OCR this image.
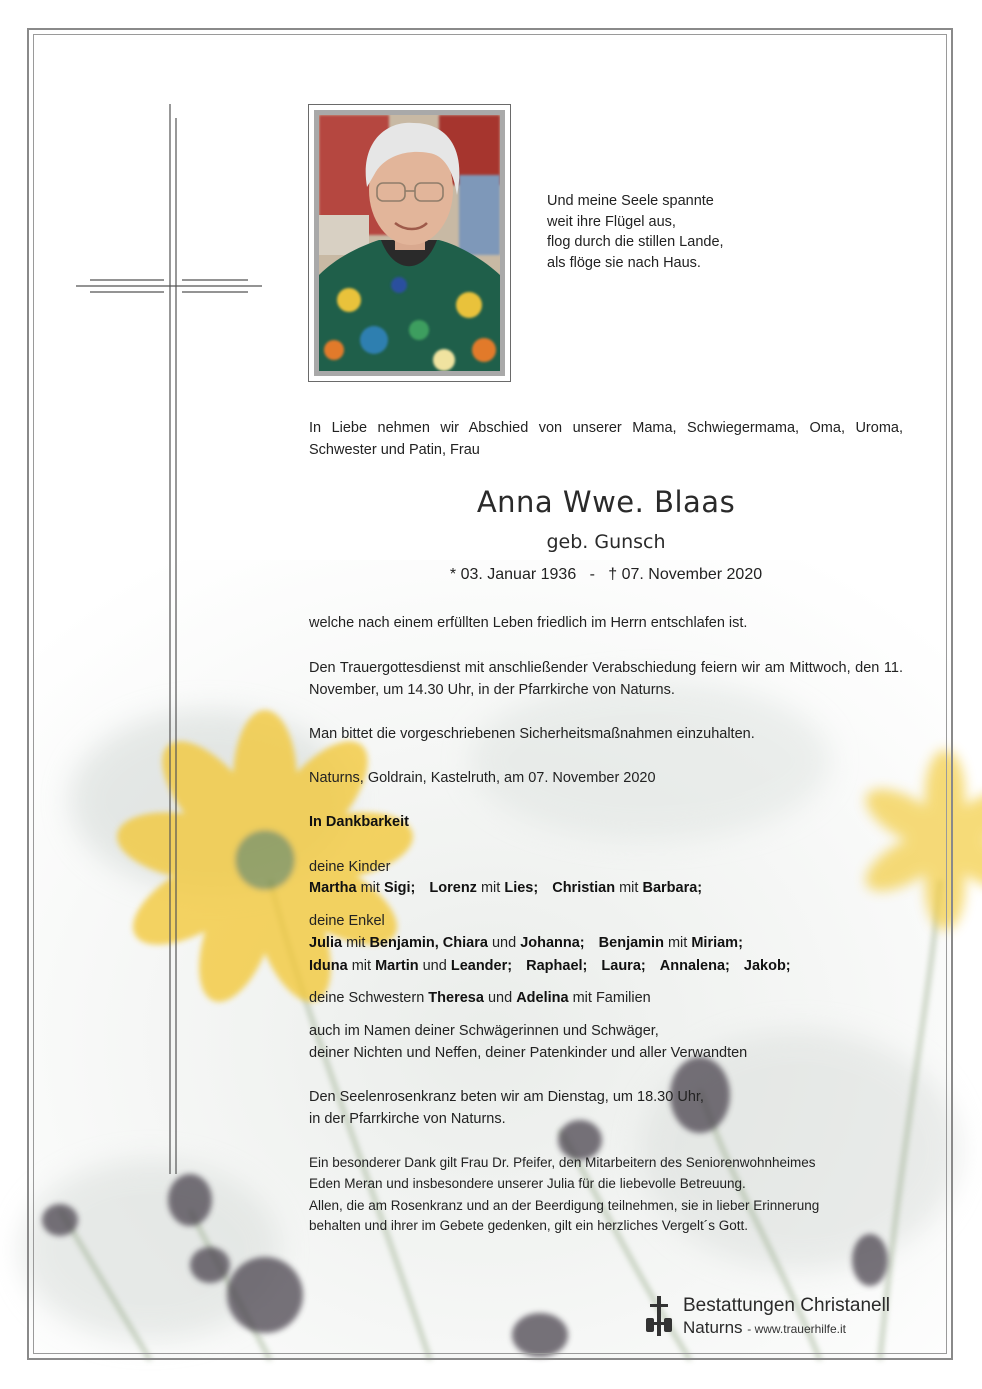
Und meine Seele spannte
weit ihre Flügel aus,
flog durch die stillen Lande,
als flöge sie nach Haus.
In Liebe nehmen wir Abschied von unserer Mama, Schwiegermama, Oma, Uroma, Schwester und Patin, Frau
Anna Wwe. Blaas
geb. Gunsch
* 03. Januar 1936 - † 07. November 2020
welche nach einem erfüllten Leben friedlich im Herrn entschlafen ist.
Den Trauergottesdienst mit anschließender Verabschiedung feiern wir am Mittwoch, den 11. November, um 14.30 Uhr, in der Pfarrkirche von Naturns.
Man bittet die vorgeschriebenen Sicherheitsmaßnahmen einzuhalten.
Naturns, Goldrain, Kastelruth, am 07. November 2020
In Dankbarkeit
deine Kinder
Martha mit Sigi; Lorenz mit Lies; Christian mit Barbara;
deine Enkel
Julia mit Benjamin, Chiara und Johanna; Benjamin mit Miriam;
Iduna mit Martin und Leander; Raphael; Laura; Annalena; Jakob;
deine Schwestern Theresa und Adelina mit Familien
auch im Namen deiner Schwägerinnen und Schwäger,
deiner Nichten und Neffen, deiner Patenkinder und aller Verwandten
Den Seelenrosenkranz beten wir am Dienstag, um 18.30 Uhr,
in der Pfarrkirche von Naturns.
Ein besonderer Dank gilt Frau Dr. Pfeifer, den Mitarbeitern des Seniorenwohnheimes
Eden Meran und insbesondere unserer Julia für die liebevolle Betreuung.
Allen, die am Rosenkranz und an der Beerdigung teilnehmen, sie in lieber Erinnerung
behalten und ihrer im Gebete gedenken, gilt ein herzliches Vergelt´s Gott.
Bestattungen Christanell
Naturns - www.trauerhilfe.it
